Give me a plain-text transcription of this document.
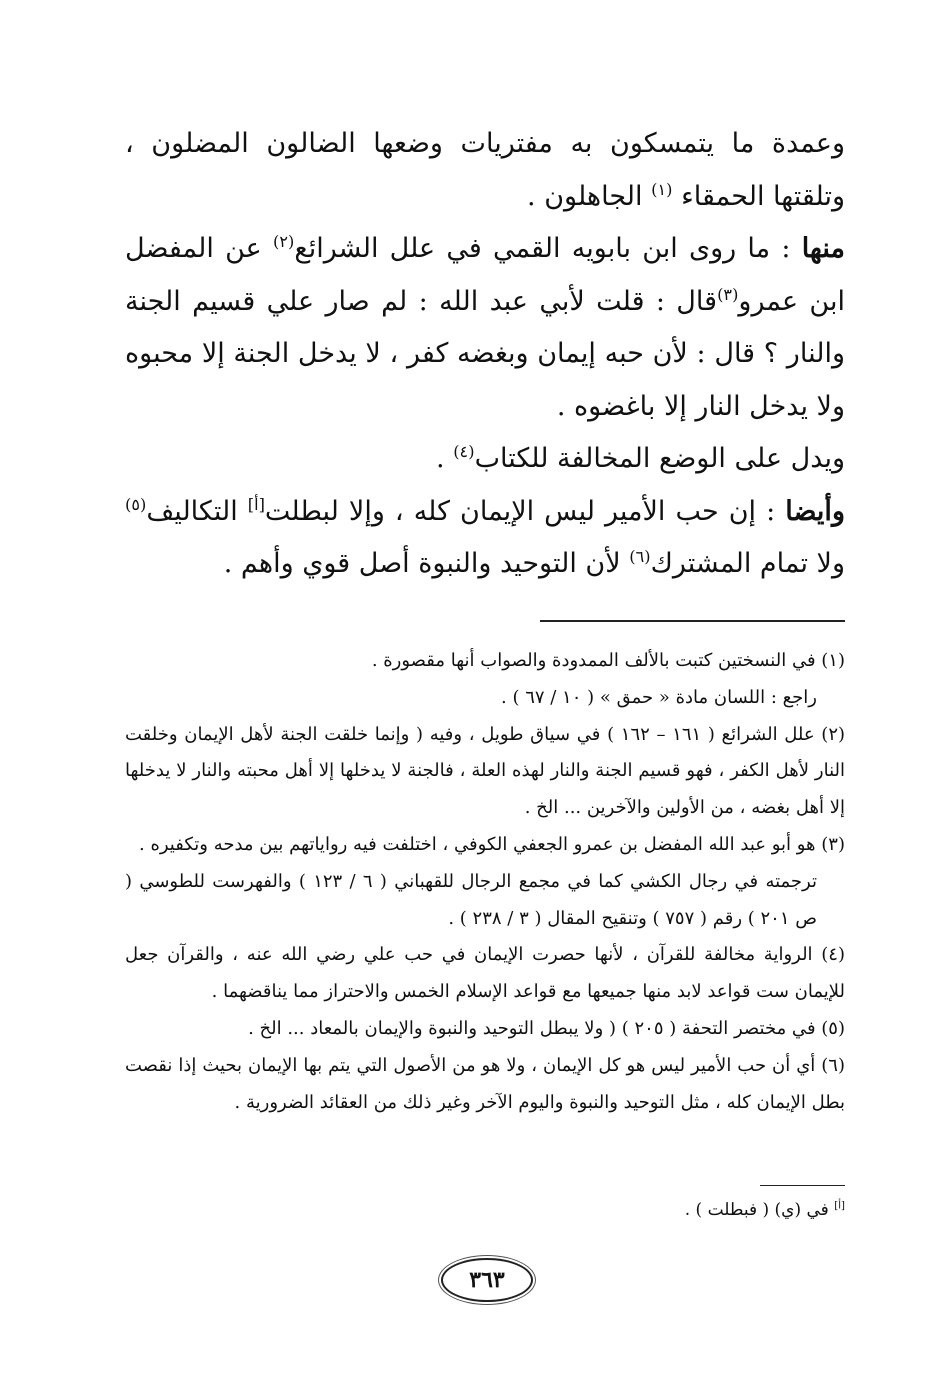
وعمدة ما يتمسكون به مفتريات وضعها الضالون المضلون ، وتلقتها الحمقاء $^{(١)}$ الجاهلون .

منها : ما روى ابن بابويه القمي في علل الشرائع$^{(٢)}$ عن المفضل ابن عمرو$^{(٣)}$قال : قلت لأبي عبد الله : لم صار علي قسيم الجنة والنار ؟ قال : لأن حبه إيمان وبغضه كفر ، لا يدخل الجنة إلا محبوه ولا يدخل النار إلا باغضوه .

ويدل على الوضع المخالفة للكتاب$^{(٤)}$ .

وأيضا : إن حب الأمير ليس الإيمان كله ، وإلا لبطلت[أ] التكاليف$^{(٥)}$ ولا تمام المشترك$^{(٦)}$ لأن التوحيد والنبوة أصل قوي وأهم .

(١) في النسختين كتبت بالألف الممدودة والصواب أنها مقصورة .

راجع : اللسان مادة « حمق » ( ١٠ / ٦٧ ) .

(٢) علل الشرائع ( ١٦١ – ١٦٢ ) في سياق طويل ، وفيه ( وإنما خلقت الجنة لأهل الإيمان وخلقت النار لأهل الكفر ، فهو قسيم الجنة والنار لهذه العلة ، فالجنة لا يدخلها إلا أهل محبته والنار لا يدخلها إلا أهل بغضه ، من الأولين والآخرين ... الخ .

(٣) هو أبو عبد الله المفضل بن عمرو الجعفي الكوفي ، اختلفت فيه رواياتهم بين مدحه وتكفيره .

ترجمته في رجال الكشي كما في مجمع الرجال للقهباني ( ٦ / ١٢٣ ) والفهرست للطوسي ( ص ٢٠١ ) رقم ( ٧٥٧ ) وتنقيح المقال ( ٣ / ٢٣٨ ) .

(٤) الرواية مخالفة للقرآن ، لأنها حصرت الإيمان في حب علي رضي الله عنه ، والقرآن جعل للإيمان ست قواعد لابد منها جميعها مع قواعد الإسلام الخمس والاحتراز مما يناقضهما .

(٥) في مختصر التحفة ( ٢٠٥ ) ( ولا يبطل التوحيد والنبوة والإيمان بالمعاد ... الخ .

(٦) أي أن حب الأمير ليس هو كل الإيمان ، ولا هو من الأصول التي يتم بها الإيمان بحيث إذا نقصت بطل الإيمان كله ، مثل التوحيد والنبوة واليوم الآخر وغير ذلك من العقائد الضرورية .

[أ] في (ي) ( فبطلت ) .
٣٦٣
